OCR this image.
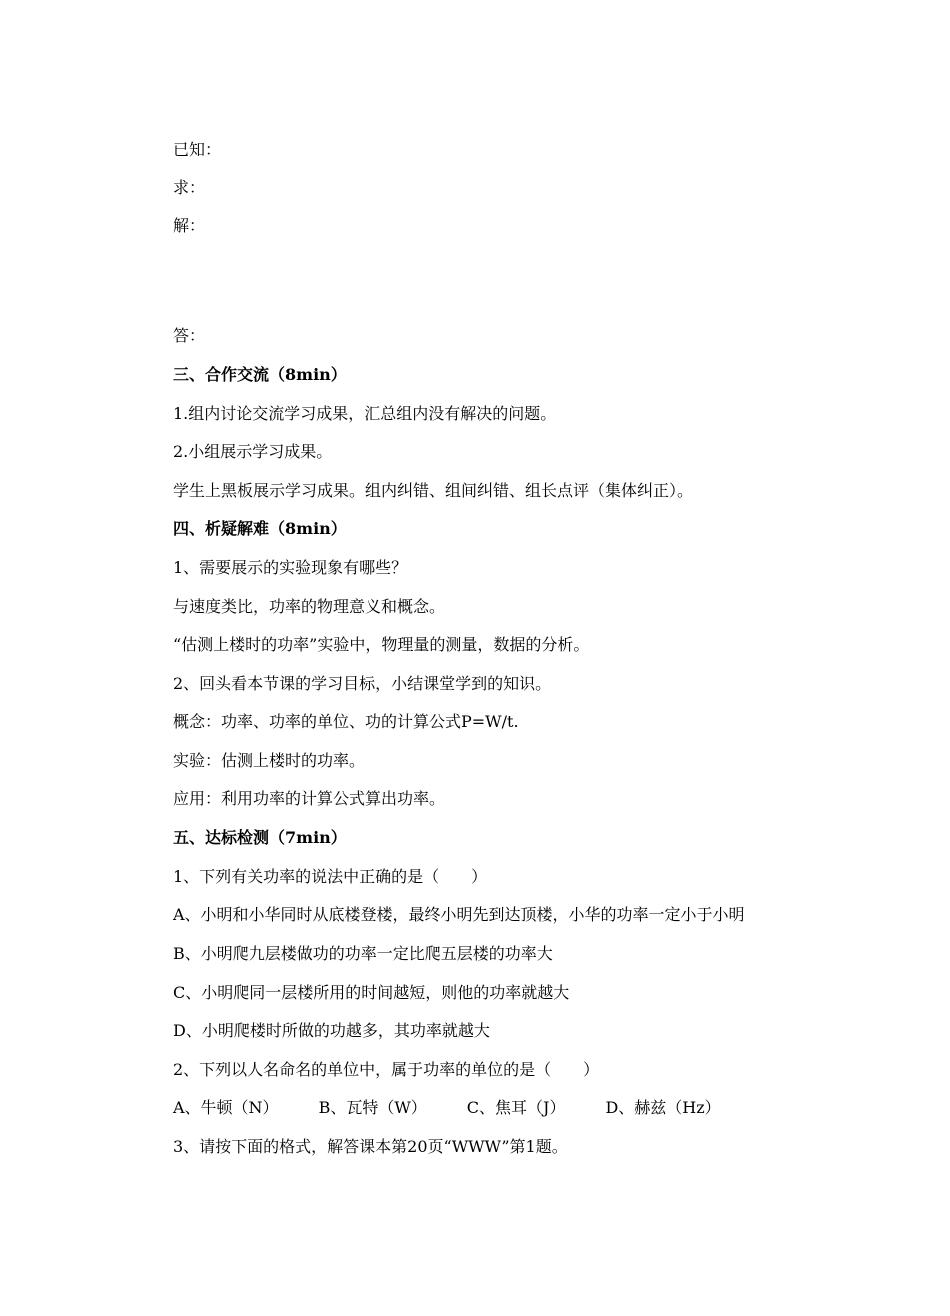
已知：
求：
解：
答：
三、合作交流（8min）
1.组内讨论交流学习成果，汇总组内没有解决的问题。
2.小组展示学习成果。
学生上黑板展示学习成果。组内纠错、组间纠错、组长点评（集体纠正）。
四、析疑解难（8min）
1、需要展示的实验现象有哪些？
与速度类比，功率的物理意义和概念。
“估测上楼时的功率”实验中，物理量的测量，数据的分析。
2、回头看本节课的学习目标，小结课堂学到的知识。
概念：功率、功率的单位、功的计算公式P=W/t.
实验：估测上楼时的功率。
应用：利用功率的计算公式算出功率。
五、达标检测（7min）
1、下列有关功率的说法中正确的是（　　）
A、小明和小华同时从底楼登楼，最终小明先到达顶楼，小华的功率一定小于小明
B、小明爬九层楼做功的功率一定比爬五层楼的功率大
C、小明爬同一层楼所用的时间越短，则他的功率就越大
D、小明爬楼时所做的功越多，其功率就越大
2、下列以人名命名的单位中，属于功率的单位的是（　　）
A、牛顿（N）	B、瓦特（W）	C、焦耳（J）	D、赫兹（Hz）
3、请按下面的格式，解答课本第20页“WWW”第1题。
